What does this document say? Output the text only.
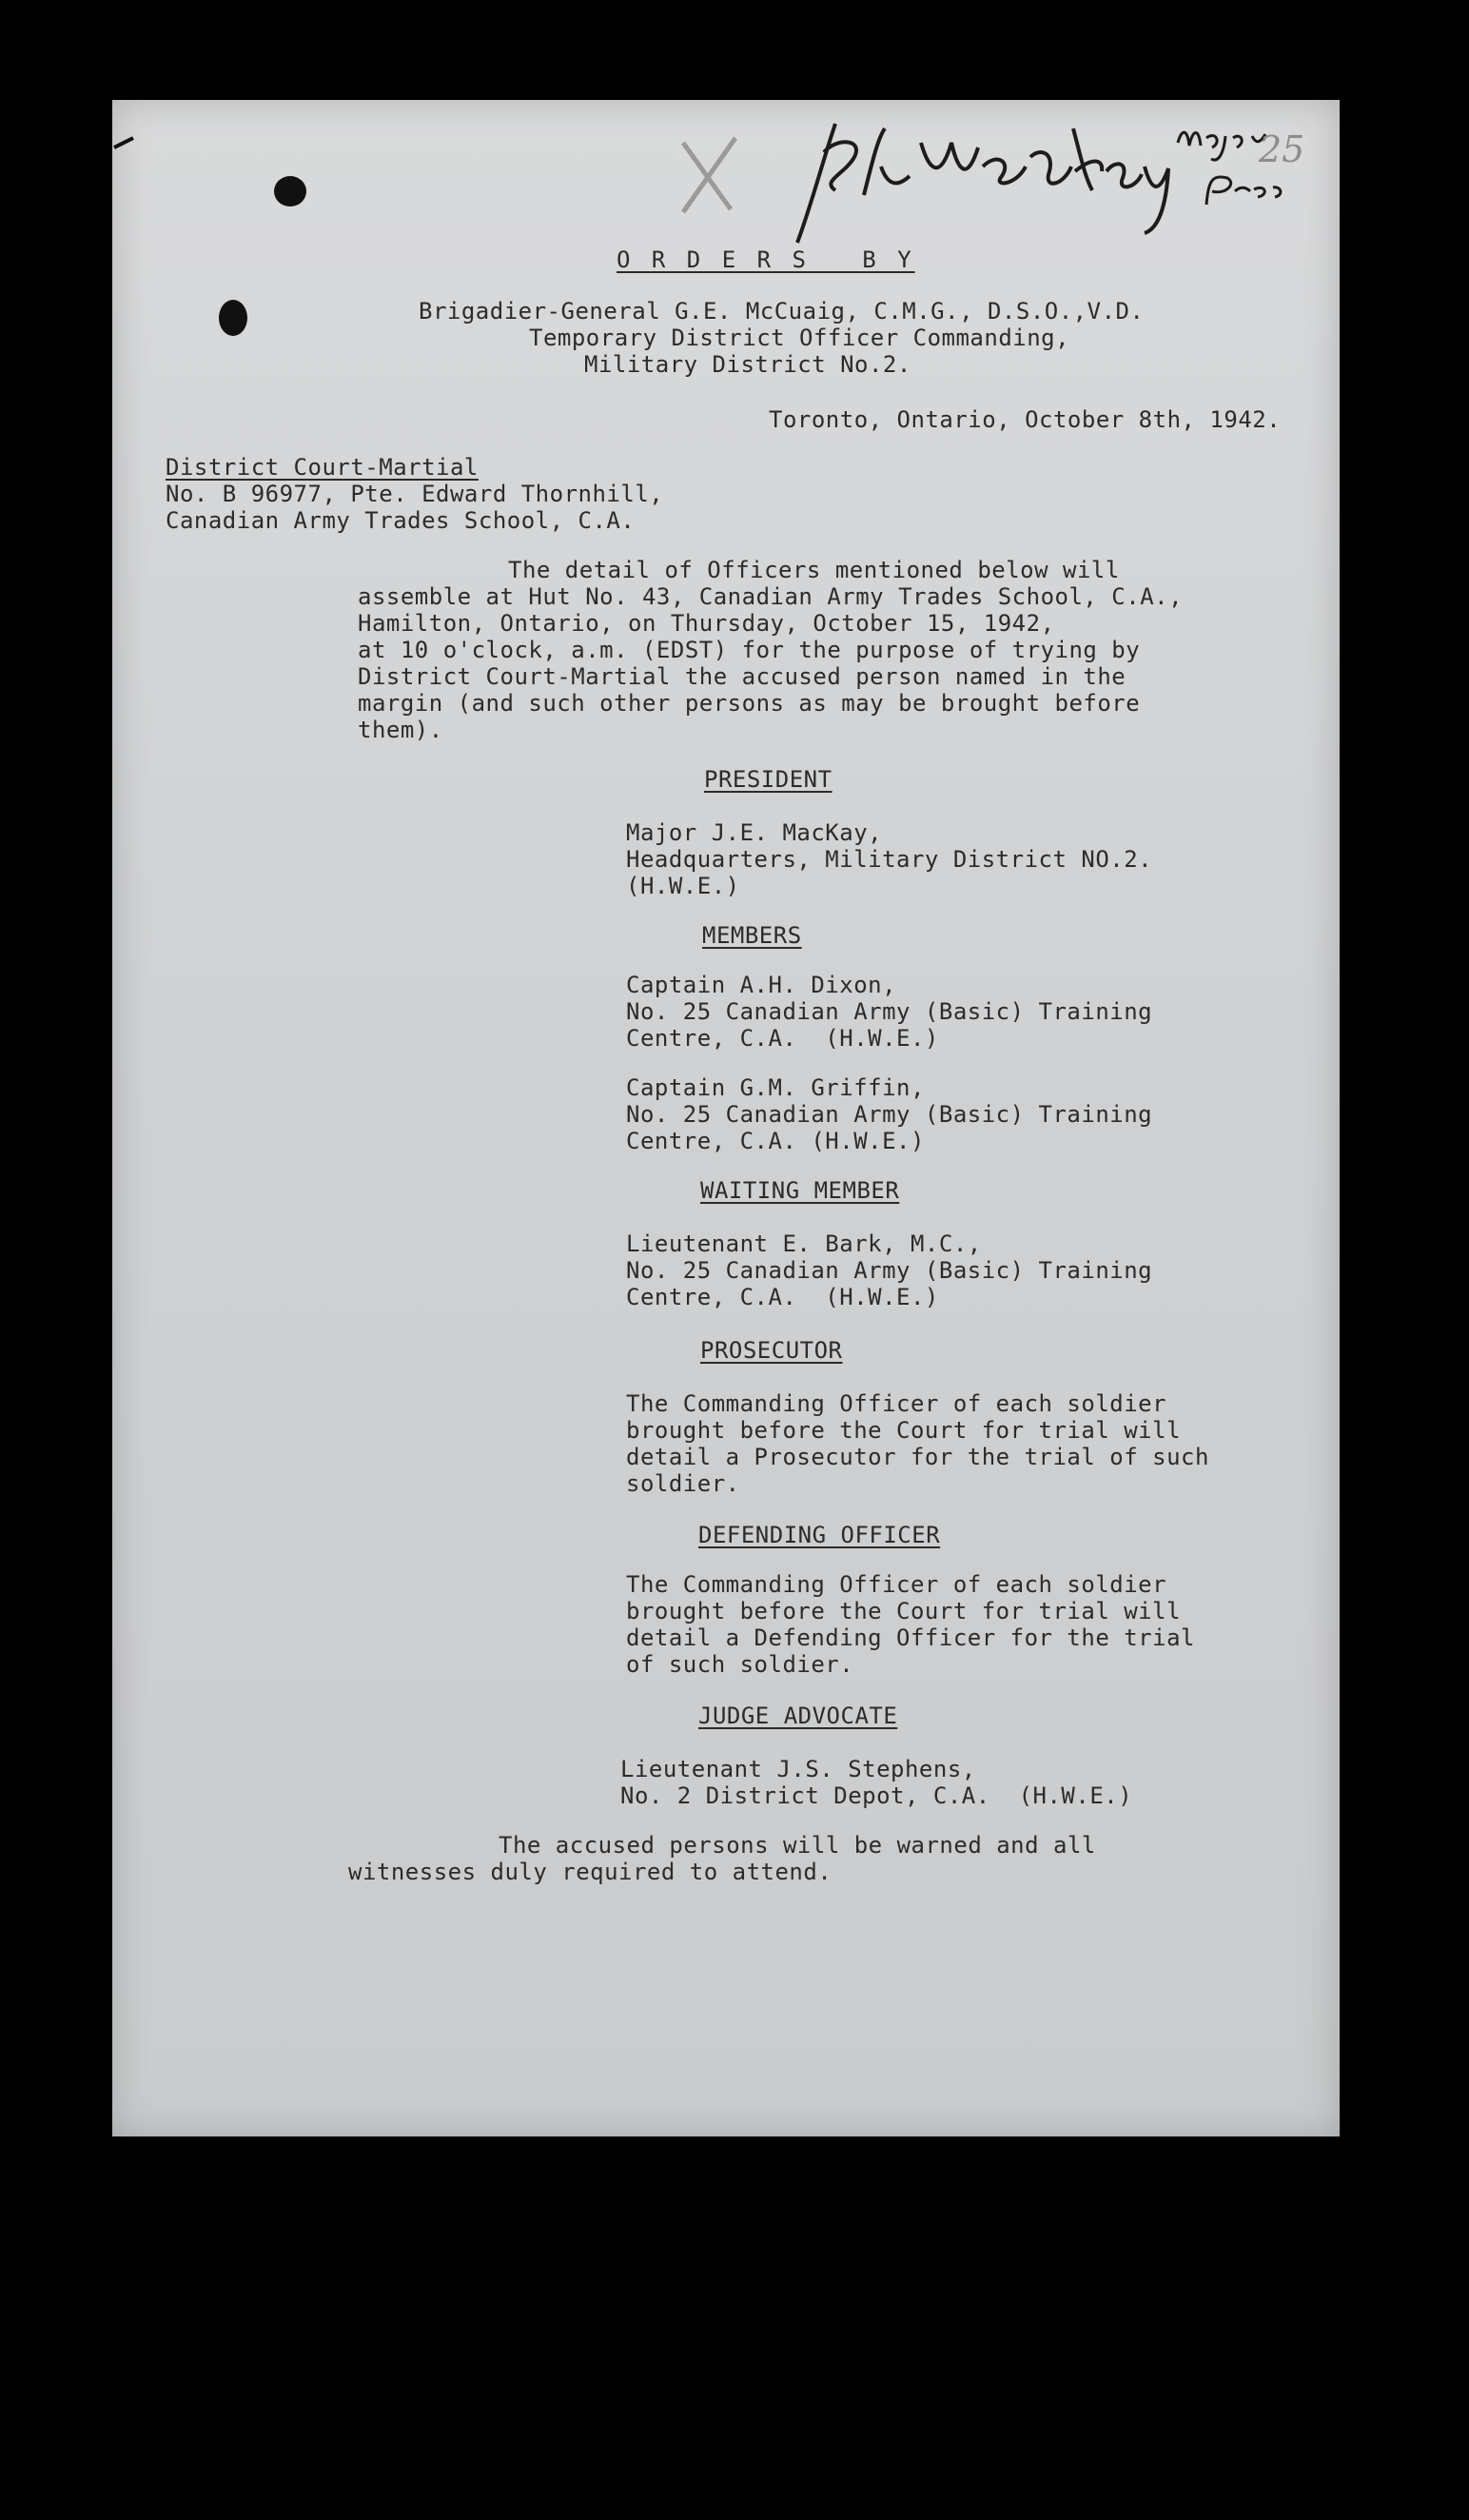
25

O R D E R S   B Y

Brigadier-General G.E. McCuaig, C.M.G., D.S.O.,V.D.

Temporary District Officer Commanding,

Military District No.2.

Toronto, Ontario, October 8th, 1942.

District Court-Martial

No. B 96977, Pte. Edward Thornhill,

Canadian Army Trades School, C.A.

The detail of Officers mentioned below will

assemble at Hut No. 43, Canadian Army Trades School, C.A.,

Hamilton, Ontario, on Thursday, October 15, 1942,

at 10 o'clock, a.m. (EDST) for the purpose of trying by

District Court-Martial the accused person named in the

margin (and such other persons as may be brought before

them).

PRESIDENT

Major J.E. MacKay,

Headquarters, Military District NO.2.

(H.W.E.)

MEMBERS

Captain A.H. Dixon,

No. 25 Canadian Army (Basic) Training

Centre, C.A.  (H.W.E.)

Captain G.M. Griffin,

No. 25 Canadian Army (Basic) Training

Centre, C.A. (H.W.E.)

WAITING MEMBER

Lieutenant E. Bark, M.C.,

No. 25 Canadian Army (Basic) Training

Centre, C.A.  (H.W.E.)

PROSECUTOR

The Commanding Officer of each soldier

brought before the Court for trial will

detail a Prosecutor for the trial of such

soldier.

DEFENDING OFFICER

The Commanding Officer of each soldier

brought before the Court for trial will

detail a Defending Officer for the trial

of such soldier.

JUDGE ADVOCATE

Lieutenant J.S. Stephens,

No. 2 District Depot, C.A.  (H.W.E.)

The accused persons will be warned and all

witnesses duly required to attend.
